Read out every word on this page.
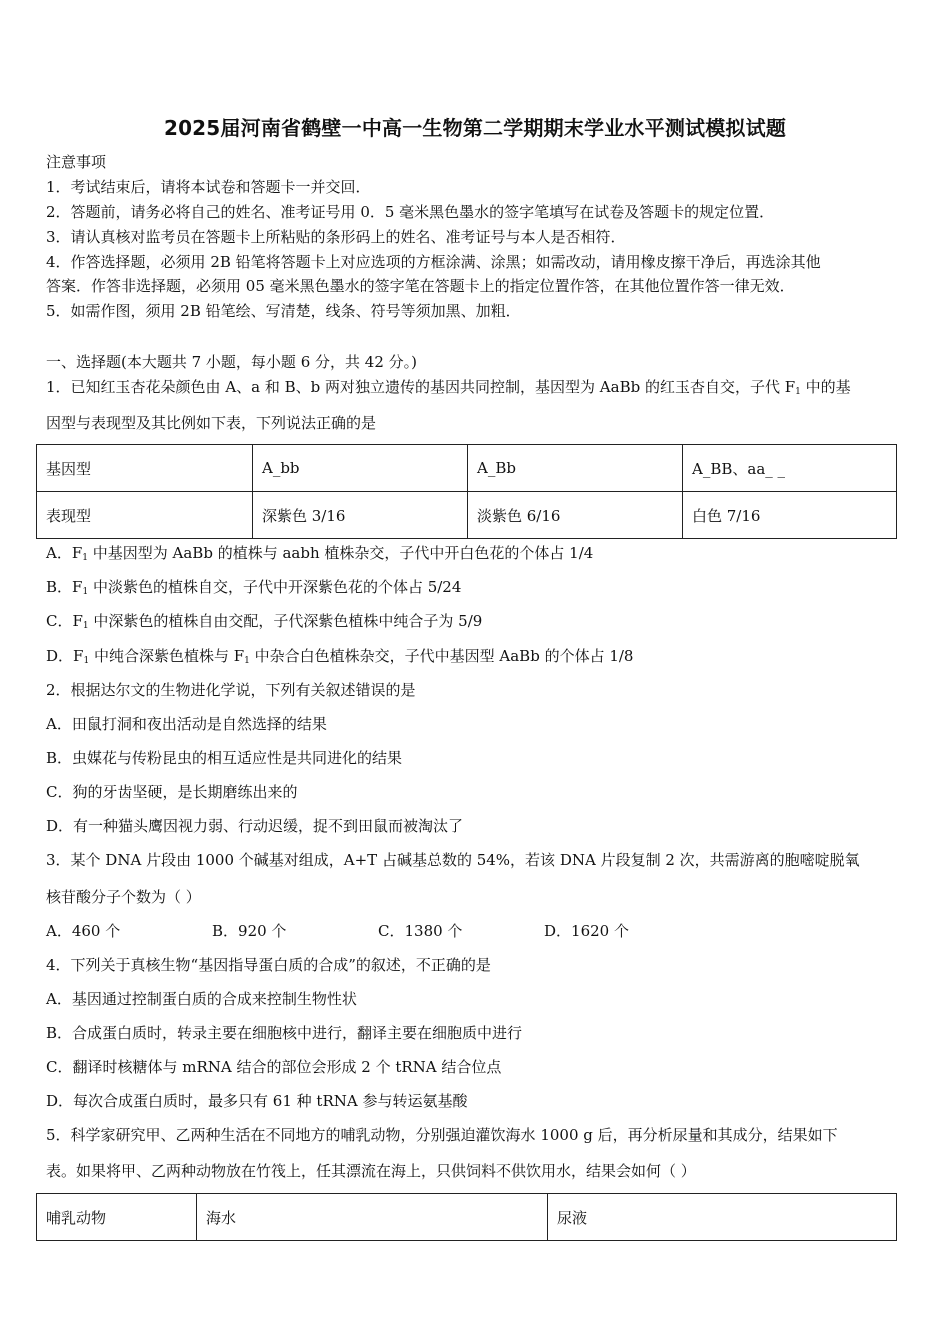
2025届河南省鹤壁一中高一生物第二学期期末学业水平测试模拟试题
注意事项
1．考试结束后，请将本试卷和答题卡一并交回．
2．答题前，请务必将自己的姓名、准考证号用 0．5 毫米黑色墨水的签字笔填写在试卷及答题卡的规定位置．
3．请认真核对监考员在答题卡上所粘贴的条形码上的姓名、准考证号与本人是否相符．
4．作答选择题，必须用 2B 铅笔将答题卡上对应选项的方框涂满、涂黑；如需改动，请用橡皮擦干净后，再选涂其他
答案．作答非选择题，必须用 05 毫米黑色墨水的签字笔在答题卡上的指定位置作答，在其他位置作答一律无效．
5．如需作图，须用 2B 铅笔绘、写清楚，线条、符号等须加黑、加粗．
一、选择题(本大题共 7 小题，每小题 6 分，共 42 分。)
1．已知红玉杏花朵颜色由 A、a 和 B、b 两对独立遗传的基因共同控制，基因型为 AaBb 的红玉杏自交，子代 $F_1$ 中的基
因型与表现型及其比例如下表，下列说法正确的是
基因型	A_bb	A_Bb	A_BB、aa_ _
表现型	深紫色 3/16	淡紫色 6/16	白色 7/16
A．$F_1$ 中基因型为 AaBb 的植株与 aabh 植株杂交，子代中开白色花的个体占 1/4
B．$F_1$ 中淡紫色的植株自交，子代中开深紫色花的个体占 5/24
C．$F_1$ 中深紫色的植株自由交配，子代深紫色植株中纯合子为 5/9
D．$F_1$ 中纯合深紫色植株与 $F_1$ 中杂合白色植株杂交，子代中基因型 AaBb 的个体占 1/8
2．根据达尔文的生物进化学说，下列有关叙述错误的是
A．田鼠打洞和夜出活动是自然选择的结果
B．虫媒花与传粉昆虫的相互适应性是共同进化的结果
C．狗的牙齿坚硬，是长期磨练出来的
D．有一种猫头鹰因视力弱、行动迟缓，捉不到田鼠而被淘汰了
3．某个 DNA 片段由 1000 个碱基对组成，A+T 占碱基总数的 54%，若该 DNA 片段复制 2 次，共需游离的胞嘧啶脱氧
核苷酸分子个数为（ ）
A．460 个	B．920 个	C．1380 个	D．1620 个
4．下列关于真核生物“基因指导蛋白质的合成”的叙述，不正确的是
A．基因通过控制蛋白质的合成来控制生物性状
B．合成蛋白质时，转录主要在细胞核中进行，翻译主要在细胞质中进行
C．翻译时核糖体与 mRNA 结合的部位会形成 2 个 tRNA 结合位点
D．每次合成蛋白质时，最多只有 61 种 tRNA 参与转运氨基酸
5．科学家研究甲、乙两种生活在不同地方的哺乳动物，分别强迫灌饮海水 1000 g 后，再分析尿量和其成分，结果如下
表。如果将甲、乙两种动物放在竹筏上，任其漂流在海上，只供饲料不供饮用水，结果会如何（ ）
哺乳动物	海水	尿液
